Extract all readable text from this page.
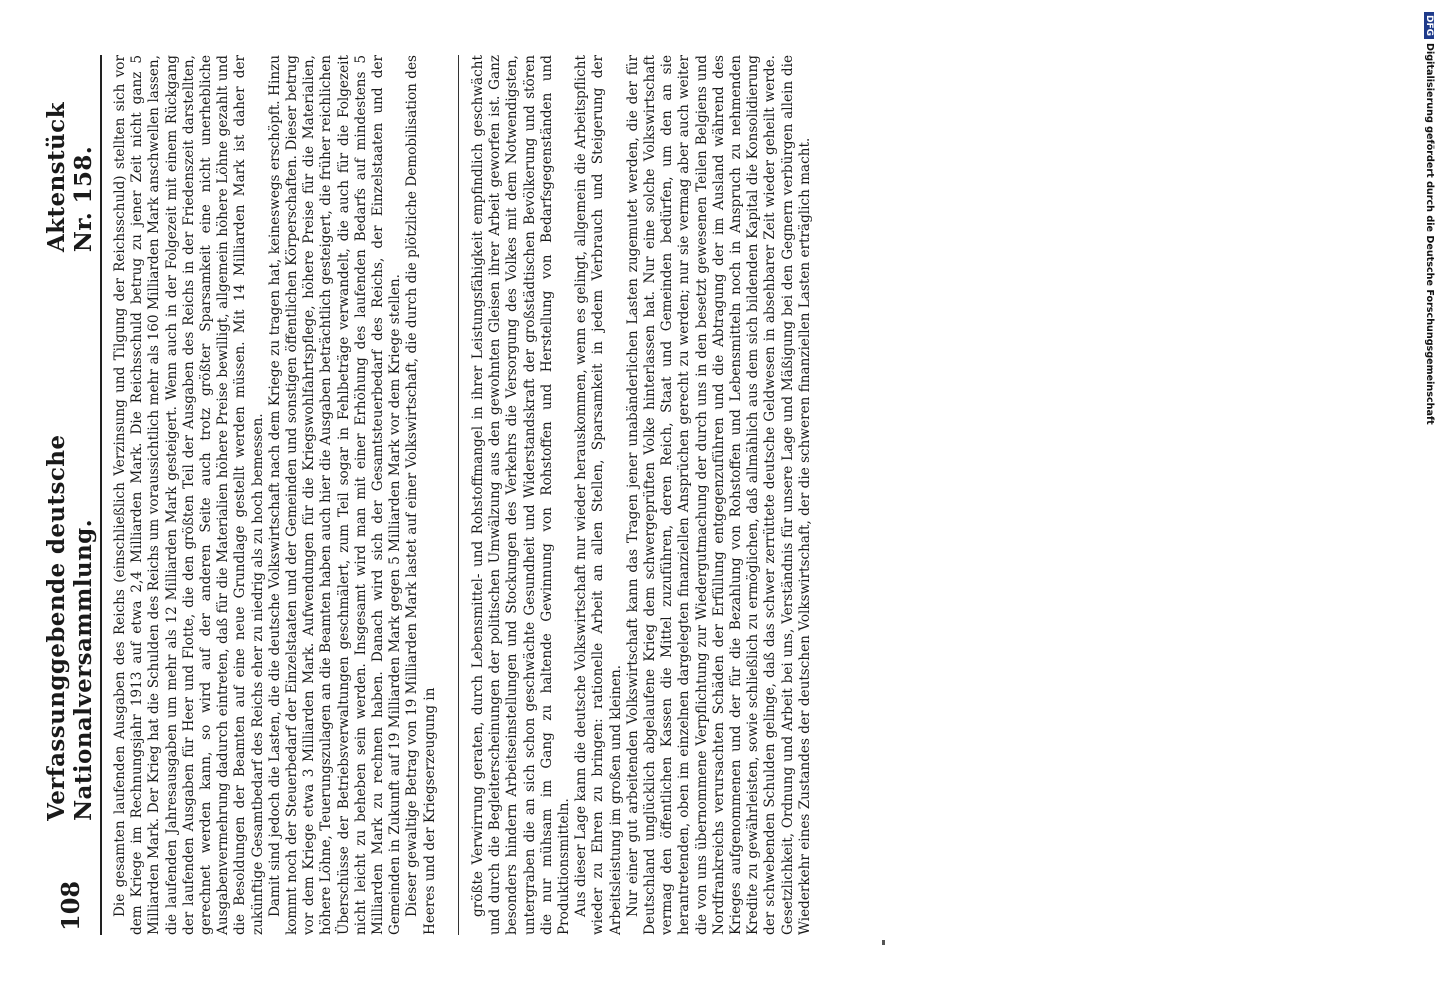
108
Verfassunggebende deutsche Nationalversammlung.
Aktenstück Nr. 158. Die gesamten laufenden Ausgaben des Reichs (einschließlich Verzinsung und Tilgung der Reichsschuld) stellten sich vor dem Kriege im Rechnungsjahr 1913 auf etwa 2,4 Milliarden Mark. Die Reichsschuld betrug zu jener Zeit nicht ganz 5 Milliarden Mark. Der Krieg hat die Schulden des Reichs um voraussichtlich mehr als 160 Milliarden Mark anschwellen lassen, die laufenden Jahresausgaben um mehr als 12 Milliarden Mark gesteigert. Wenn auch in der Folgezeit mit einem Rückgang der laufenden Ausgaben für Heer und Flotte, die den größten Teil der Ausgaben des Reichs in der Friedenszeit darstellten, gerechnet werden kann, so wird auf der anderen Seite auch trotz größter Sparsamkeit eine nicht unerhebliche Ausgabenvermehrung dadurch eintreten, daß für die Materialien höhere Preise bewilligt, allgemein höhere Löhne gezahlt und die Besoldungen der Beamten auf eine neue Grundlage gestellt werden müssen. Mit 14 Milliarden Mark ist daher der zukünftige Gesamtbedarf des Reichs eher zu niedrig als zu hoch bemessen. Damit sind jedoch die Lasten, die die deutsche Volkswirtschaft nach dem Kriege zu tragen hat, keineswegs erschöpft. Hinzu kommt noch der Steuerbedarf der Einzelstaaten und der Gemeinden und sonstigen öffentlichen Körperschaften. Dieser betrug vor dem Kriege etwa 3 Milliarden Mark. Aufwendungen für die Kriegswohlfahrtspflege, höhere Preise für die Materialien, höhere Löhne, Teuerungszulagen an die Beamten haben auch hier die Ausgaben beträchtlich gesteigert, die früher reichlichen Überschüsse der Betriebsverwaltungen geschmälert, zum Teil sogar in Fehlbeträge verwandelt, die auch für die Folgezeit nicht leicht zu beheben sein werden. Insgesamt wird man mit einer Erhöhung des laufenden Bedarfs auf mindestens 5 Milliarden Mark zu rechnen haben. Danach wird sich der Gesamtsteuerbedarf des Reichs, der Einzelstaaten und der Gemeinden in Zukunft auf 19 Milliarden Mark gegen 5 Milliarden Mark vor dem Kriege stellen. Dieser gewaltige Betrag von 19 Milliarden Mark lastet auf einer Volkswirtschaft, die durch die plötzliche Demobilisation des Heeres und der Kriegserzeugung in größte Verwirrung geraten, durch Lebensmittel- und Rohstoffmangel in ihrer Leistungsfähigkeit empfindlich geschwächt und durch die Begleiterscheinungen der politischen Umwälzung aus den gewohnten Gleisen ihrer Arbeit geworfen ist. Ganz besonders hindern Arbeitseinstellungen und Stockungen des Verkehrs die Versorgung des Volkes mit dem Notwendigsten, untergraben die an sich schon geschwächte Gesundheit und Widerstandskraft der großstädtischen Bevölkerung und stören die nur mühsam im Gang zu haltende Gewinnung von Rohstoffen und Herstellung von Bedarfsgegenständen und Produktionsmitteln. Aus dieser Lage kann die deutsche Volkswirtschaft nur wieder herauskommen, wenn es gelingt, allgemein die Arbeitspflicht wieder zu Ehren zu bringen: rationelle Arbeit an allen Stellen, Sparsamkeit in jedem Verbrauch und Steigerung der Arbeitsleistung im großen und kleinen. Nur einer gut arbeitenden Volkswirtschaft kann das Tragen jener unabänderlichen Lasten zugemutet werden, die der für Deutschland unglücklich abgelaufene Krieg dem schwergeprüften Volke hinterlassen hat. Nur eine solche Volkswirtschaft vermag den öffentlichen Kassen die Mittel zuzuführen, deren Reich, Staat und Gemeinden bedürfen, um den an sie herantretenden, oben im einzelnen dargelegten finanziellen Ansprüchen gerecht zu werden; nur sie vermag aber auch weiter die von uns übernommene Verpflichtung zur Wiedergutmachung der durch uns in den besetzt gewesenen Teilen Belgiens und Nordfrankreichs verursachten Schäden der Erfüllung entgegenzuführen und die Abtragung der im Ausland während des Krieges aufgenommenen und der für die Bezahlung von Rohstoffen und Lebensmitteln noch in Anspruch zu nehmenden Kredite zu gewährleisten, sowie schließlich zu ermöglichen, daß allmählich aus dem sich bildenden Kapital die Konsolidierung der schwebenden Schulden gelinge, daß das schwer zerrüttete deutsche Geldwesen in absehbarer Zeit wieder geheilt werde. Gesetzlichkeit, Ordnung und Arbeit bei uns, Verständnis für unsere Lage und Mäßigung bei den Gegnern verbürgen allein die Wiederkehr eines Zustandes der deutschen Volkswirtschaft, der die schweren finanziellen Lasten erträglich macht.

DFGDigitalisierung gefördert durch die Deutsche Forschungsgemeinschaft
